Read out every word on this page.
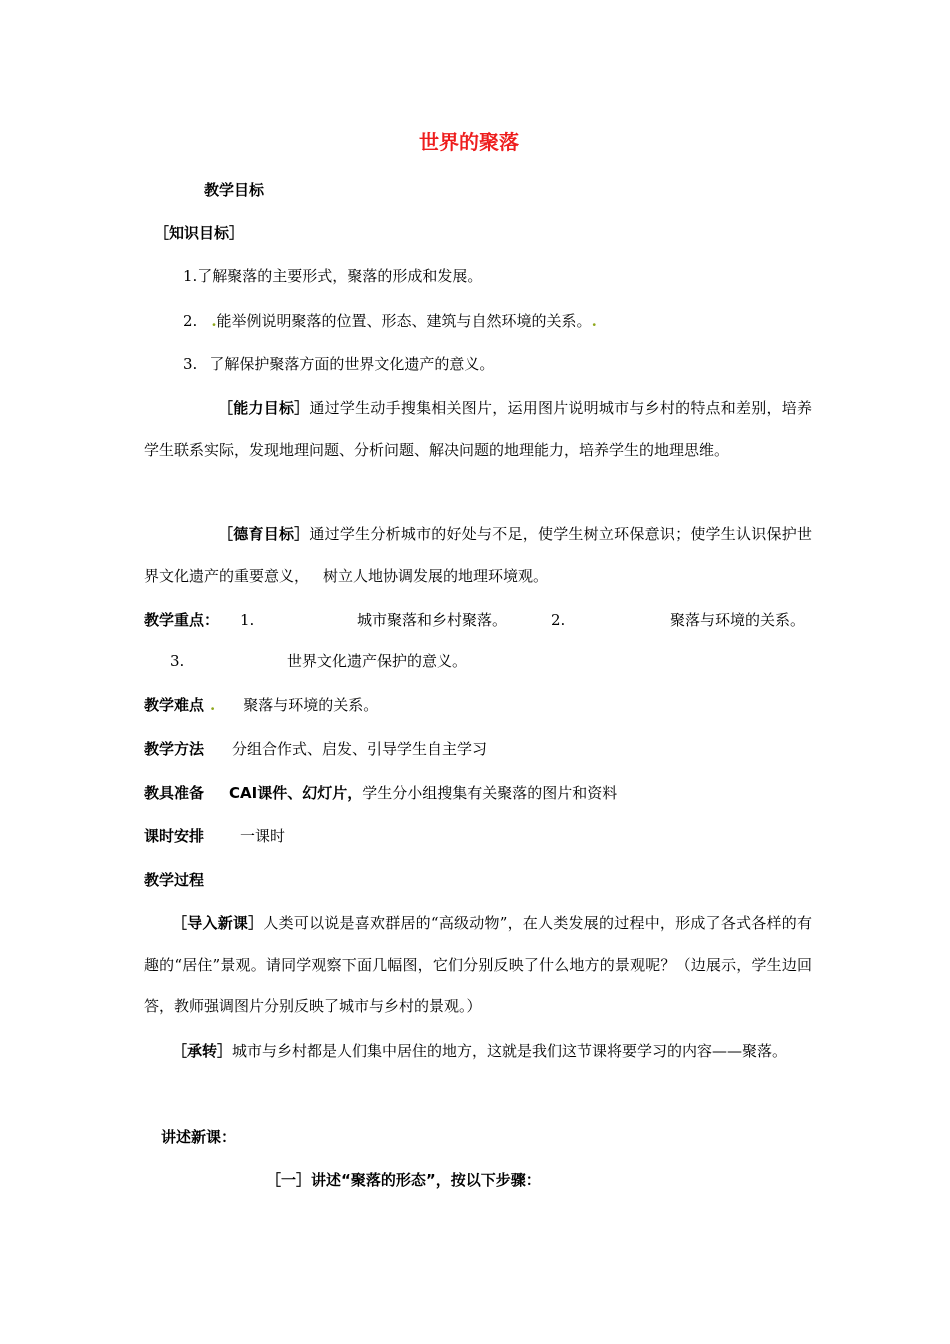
世界的聚落
教学目标
［知识目标］
1.了解聚落的主要形式，聚落的形成和发展。
2. .能举例说明聚落的位置、形态、建筑与自然环境的关系。.
3. 了解保护聚落方面的世界文化遗产的意义。
［能力目标］通过学生动手搜集相关图片，运用图片说明城市与乡村的特点和差别，培养学生联系实际，发现地理问题、分析问题、解决问题的地理能力，培养学生的地理思维。
［德育目标］通过学生分析城市的好处与不足，使学生树立环保意识；使学生认识保护世界文化遗产的重要意义， 树立人地协调发展的地理环境观。
教学重点： 1.	城市聚落和乡村聚落。	2.	聚落与环境的关系。
3.	世界文化遗产保护的意义。
教学难点 . 聚落与环境的关系。
教学方法 分组合作式、启发、引导学生自主学习
教具准备 CAI课件、幻灯片，学生分小组搜集有关聚落的图片和资料
课时安排 一课时
教学过程
［导入新课］人类可以说是喜欢群居的“高级动物”，在人类发展的过程中，形成了各式各样的有趣的“居住”景观。请同学观察下面几幅图，它们分别反映了什么地方的景观呢？（边展示，学生边回答，教师强调图片分别反映了城市与乡村的景观。）
［承转］城市与乡村都是人们集中居住的地方，这就是我们这节课将要学习的内容——聚落。
讲述新课：
［一］讲述“聚落的形态”，按以下步骤：
